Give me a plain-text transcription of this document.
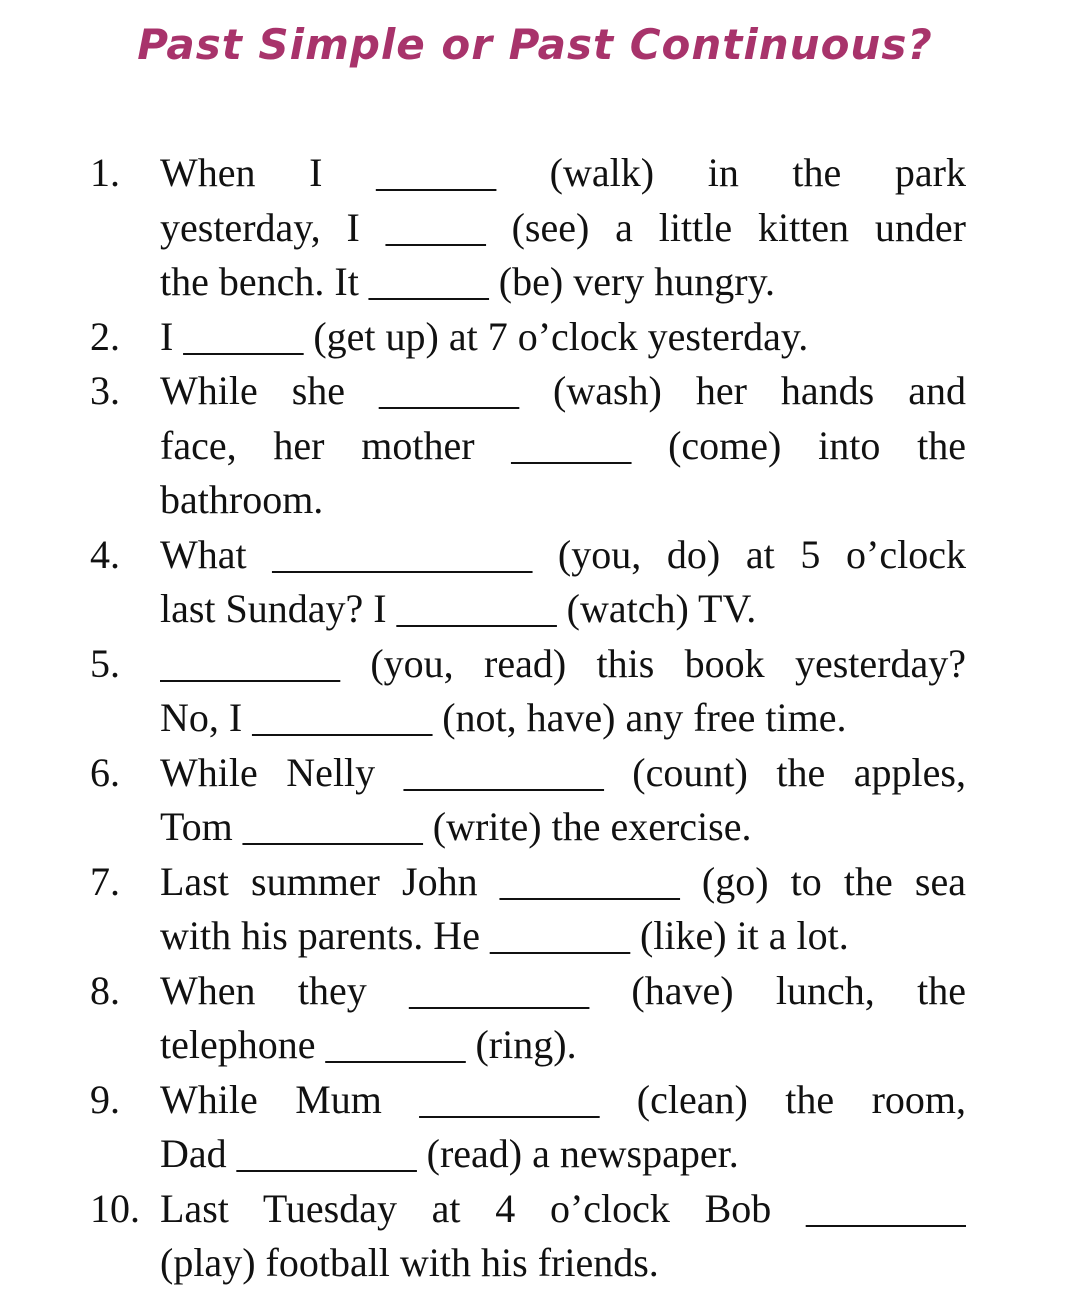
Past Simple or Past Continuous?
1. When I ______ (walk) in the park
yesterday, I _____ (see) a little kitten under
the bench. It ______ (be) very hungry.
2. I ______ (get up) at 7 o’clock yesterday.
3. While she _______ (wash) her hands and
face, her mother ______ (come) into the
bathroom.
4. What _____________ (you, do) at 5 o’clock
last Sunday? I ________ (watch) TV.
5. _________ (you, read) this book yesterday?
No, I _________ (not, have) any free time.
6. While Nelly __________ (count) the apples,
Tom _________ (write) the exercise.
7. Last summer John _________ (go) to the sea
with his parents. He _______ (like) it a lot.
8. When they _________ (have) lunch, the
telephone _______ (ring).
9. While Mum _________ (clean) the room,
Dad _________ (read) a newspaper.
10. Last Tuesday at 4 o’clock Bob ________
(play) football with his friends.
